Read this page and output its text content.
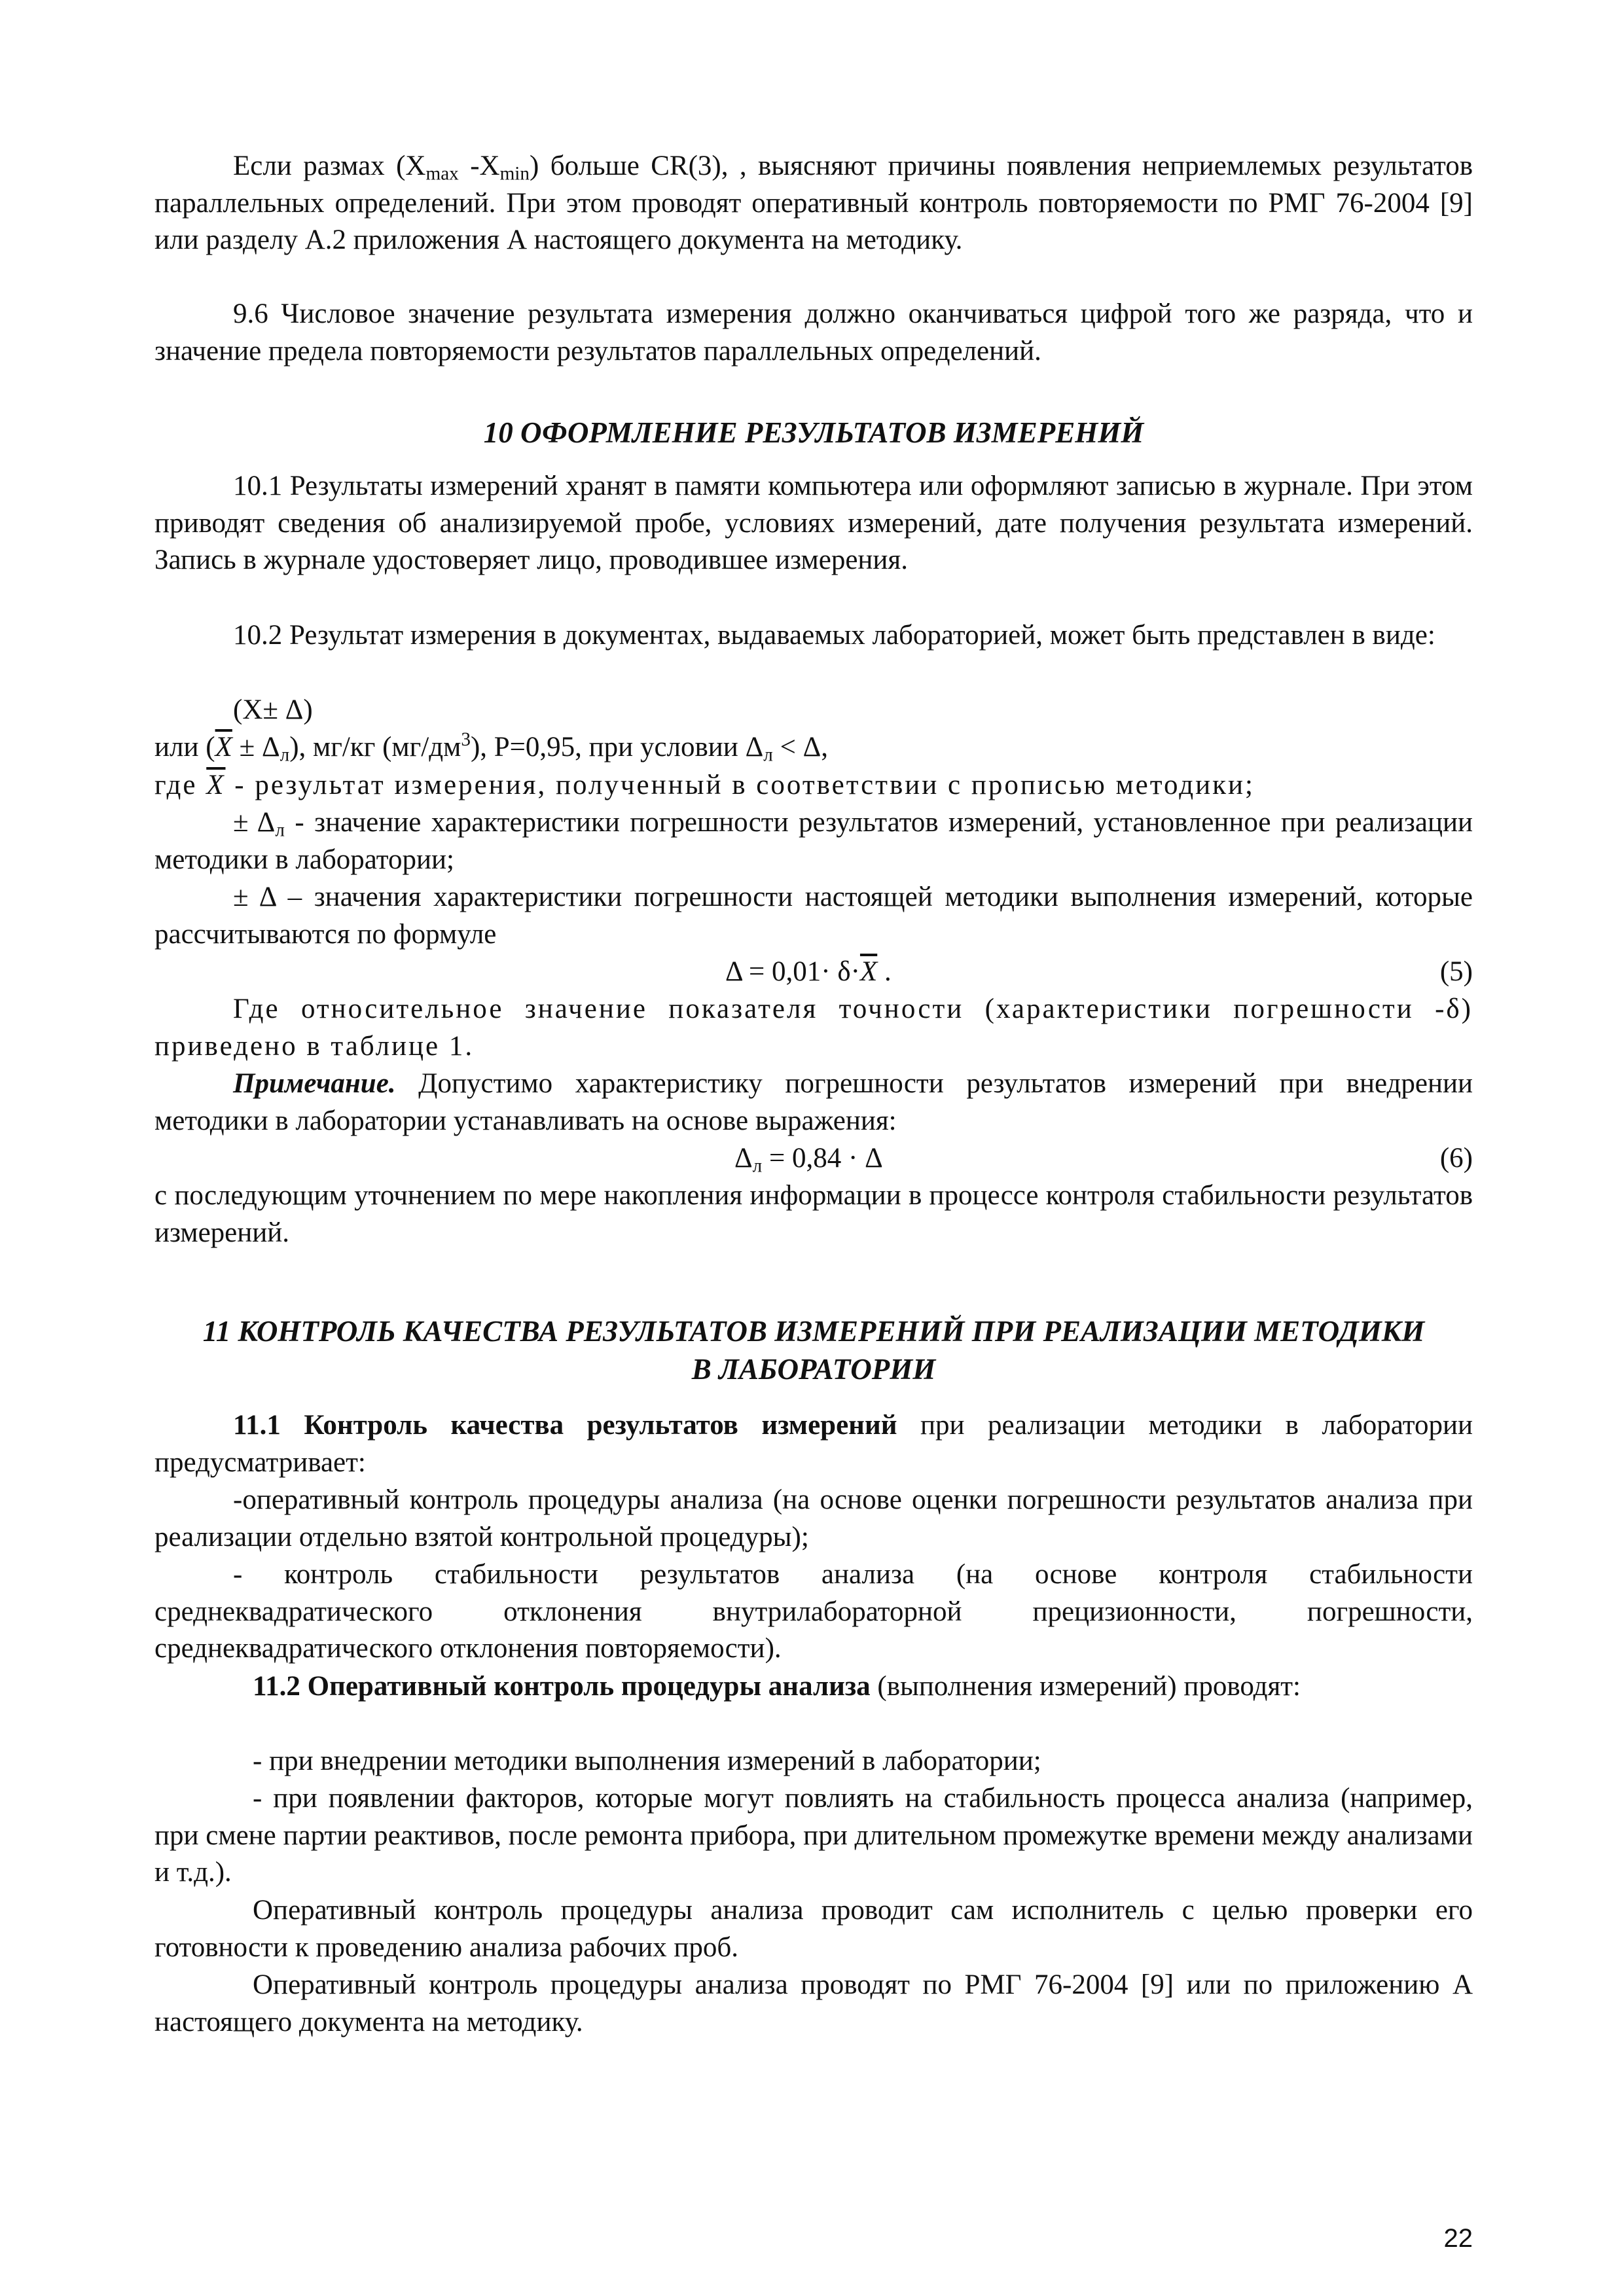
Если размах ($X_{max}$ $-X_{min}$) больше CR(3), , выясняют причины появления неприемлемых результатов параллельных определений. При этом проводят оперативный контроль повторяемости по РМГ 76-2004 [9] или разделу А.2 приложения А настоящего документа на методику.

9.6 Числовое значение результата измерения должно оканчиваться цифрой того же разряда, что и значение предела повторяемости результатов параллельных определений.

10 ОФОРМЛЕНИЕ РЕЗУЛЬТАТОВ ИЗМЕРЕНИЙ

10.1 Результаты измерений хранят в памяти компьютера или оформляют записью в журнале. При этом приводят сведения об анализируемой пробе, условиях измерений, дате получения результата измерений. Запись в журнале удостоверяет лицо, проводившее измерения.

10.2 Результат измерения в документах, выдаваемых лабораторией, может быть представлен в виде:

(X± Δ)
или $(\overline{X} \pm \Delta_л)$, мг/кг $(мг/дм^3)$, Р=0,95, при условии $\Delta_л < \Delta$,
где $\overline{X}$ - результат измерения, полученный в соответствии с прописью методики;

± $\Delta_л$ - значение характеристики погрешности результатов измерений, установленное при реализации методики в лаборатории;

± Δ – значения характеристики погрешности настоящей методики выполнения измерений, которые рассчитываются по формуле

$\Delta = 0,01\cdot \delta\cdot\overline{X}$ .	(5)

Где относительное значение показателя точности (характеристики погрешности -δ) приведено в таблице 1.

Примечание. Допустимо характеристику погрешности результатов измерений при внедрении методики в лаборатории устанавливать на основе выражения:

$\Delta_л = 0,84 \cdot \Delta$	(6)

с последующим уточнением по мере накопления информации в процессе контроля стабильности результатов измерений.

11 КОНТРОЛЬ КАЧЕСТВА РЕЗУЛЬТАТОВ ИЗМЕРЕНИЙ ПРИ РЕАЛИЗАЦИИ МЕТОДИКИ В ЛАБОРАТОРИИ

11.1 Контроль качества результатов измерений при реализации методики в лаборатории предусматривает:

-оперативный контроль процедуры анализа (на основе оценки погрешности результатов анализа при реализации отдельно взятой контрольной процедуры);

- контроль стабильности результатов анализа (на основе контроля стабильности среднеквадратического отклонения внутрилабораторной прецизионности, погрешности, среднеквадратического отклонения повторяемости).

11.2 Оперативный контроль процедуры анализа (выполнения измерений) проводят:

- при внедрении методики выполнения измерений в лаборатории;

- при появлении факторов, которые могут повлиять на стабильность процесса анализа (например, при смене партии реактивов, после ремонта прибора, при длительном промежутке времени между анализами и т.д.).

Оперативный контроль процедуры анализа проводит сам исполнитель с целью проверки его готовности к проведению анализа рабочих проб.

Оперативный контроль процедуры анализа проводят по РМГ 76-2004 [9] или по приложению А настоящего документа на методику.

22
